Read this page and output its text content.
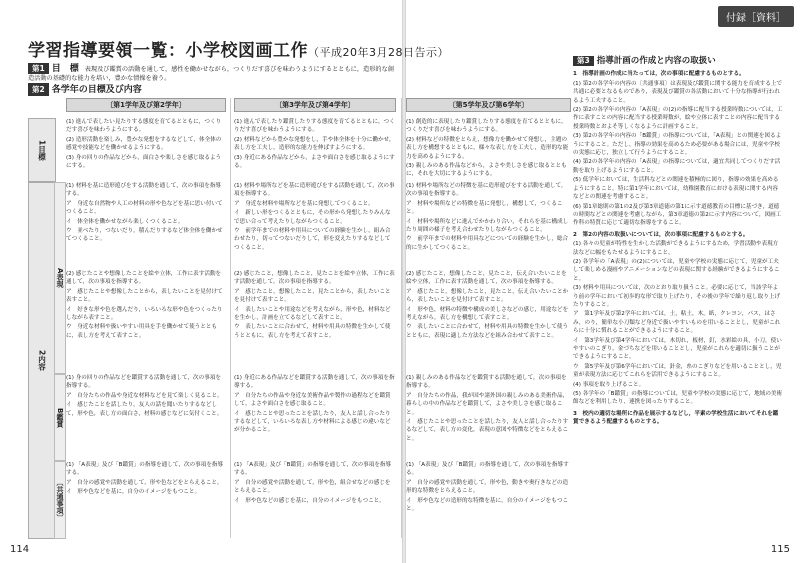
付録［資料］
学習指導要領一覧：小学校図画工作（平成20年3月28日告示）
第1 目　標 表現及び鑑賞の活動を通して，感性を働かせながら，つくりだす喜びを味わうようにするとともに，造形的な創造活動の基礎的な能力を培い，豊かな情操を養う。
第2 各学年の目標及び内容
1目標
2内容
A表現
B鑑賞
〔共通事項〕
〔第1学年及び第2学年〕

(1) 進んで表したい見たりする態度を育てるとともに，つくりだす喜びを味わうようにする。

(2) 造形活動を楽しみ，豊かな発想をするなどして，体全体の感覚や技能などを働かせるようにする。

(3) 身の回りの作品などから，面白さや楽しさを感じ取るようにする。

(1) 材料を基に造形遊びをする活動を通して，次の事項を指導する。

ア　身近な自然物や人工の材料の形や色などを基に思い付いてつくること。

イ　体全体を働かせながら楽しくつくること。

ウ　並べたり，つないだり，積んだりするなど体全体を働かせてつくること。

(2) 感じたことや想像したことを絵や立体，工作に表す活動を通して，次の事項を指導する。

ア　感じたことや想像したことから，表したいことを見付けて表すこと。

イ　好きな形や色を選んだり，いろいろな形や色をつくったりしながら表すこと。

ウ　身近な材料や扱いやすい用具を手を働かせて使うとともに，表し方を考えて表すこと。

(1) 身の回りの作品などを鑑賞する活動を通して，次の事項を指導する。

ア　自分たちの作品や身近な材料などを見て楽しく見ること。

イ　感じたことを話したり，友人の話を聞いたりするなどして，形や色，表し方の面白さ，材料の感じなどに気付くこと。

(1) 「A表現」及び「B鑑賞」の指導を通して，次の事項を指導する。

ア　自分の感覚や活動を通して，形や色などをとらえること。

イ　形や色などを基に，自分のイメージをもつこと。

〔第3学年及び第4学年〕

(1) 進んで表したり鑑賞したりする態度を育てるとともに，つくりだす喜びを味わうようにする。

(2) 材料などから豊かな発想をし，手や体全体を十分に働かせ，表し方を工夫し，造形的な能力を伸ばすようにする。

(3) 身近にある作品などから，よさや面白さを感じ取るようにする。

(1) 材料や場所などを基に造形遊びをする活動を通して，次の事項を指導する。

ア　身近な材料や場所などを基に発想してつくること。

イ　新しい形をつくるとともに，その形から発想したりみんなで思い合って考えたりしながらつくること。

ウ　前学年までの材料や用具についての経験を生かし，組み合わせたり，切ってつないだりして，形を変えたりするなどしてつくること。

(2) 感じたこと，想像したこと，見たことを絵や立体，工作に表す活動を通して，次の事項を指導する。

ア　感じたこと，想像したこと，見たことから，表したいことを見付けて表すこと。

イ　表したいことや用途などを考えながら，形や色，材料などを生かし，計画を立てるなどして表すこと。

ウ　表したいことに合わせて，材料や用具の特徴を生かして使うとともに，表し方を考えて表すこと。

(1) 身近にある作品などを鑑賞する活動を通して，次の事項を指導する。

ア　自分たちの作品や身近な美術作品や製作の過程などを鑑賞して，よさや面白さを感じ取ること。

イ　感じたことや思ったことを話したり，友人と話し合ったりするなどして，いろいろな表し方や材料による感じの違いなどが分かること。

(1) 「A表現」及び「B鑑賞」の指導を通して，次の事項を指導する。

ア　自分の感覚や活動を通して，形や色，組合せなどの感じをとらえること。

イ　形や色などの感じを基に，自分のイメージをもつこと。

〔第5学年及び第6学年〕

(1) 創造的に表現したり鑑賞したりする態度を育てるとともに，つくりだす喜びを味わうようにする。

(2) 材料などの特徴をとらえ，想像力を働かせて発想し，主題の表し方を構想するとともに，様々な表し方を工夫し，造形的な能力を高めるようにする。

(3) 親しみのある作品などから，よさや美しさを感じ取るとともに，それを大切にするようにする。

(1) 材料や場所などの特徴を基に造形遊びをする活動を通して，次の事項を指導する。

ア　材料や場所などの特徴を基に発想し，構想して，つくること。

イ　材料や場所などに進んでかかわり合い，それらを基に構成したり周囲の様子を考え合わせたりしながらつくること。

ウ　前学年までの材料や用具などについての経験を生かし，総合的に生かしてつくること。

(2) 感じたこと，想像したこと，見たこと，伝え合いたいことを絵や立体，工作に表す活動を通して，次の事項を指導する。

ア　感じたこと，想像したこと，見たこと，伝え合いたいことから，表したいことを見付けて表すこと。

イ　形や色，材料の特徴や構成の美しさなどの感じ，用途などを考えながら，表し方を構想して表すこと。

ウ　表したいことに合わせて，材料や用具の特徴を生かして使うとともに，表現に適した方法などを組み合わせて表すこと。

(1) 親しみのある作品などを鑑賞する活動を通して，次の事項を指導する。

ア　自分たちの作品，我が国や諸外国の親しみのある美術作品，暮らしの中の作品などを鑑賞して，よさや美しさを感じ取ること。

イ　感じたことや思ったことを話したり，友人と話し合ったりするなどして，表し方の変化，表現の意図や特徴などをとらえること。

(1) 「A表現」及び「B鑑賞」の指導を通して，次の事項を指導する。

ア　自分の感覚や活動を通して，形や色，動きや奥行きなどの造形的な特徴をとらえること。

イ　形や色などの造形的な特徴を基に，自分のイメージをもつこと。

第3 指導計画の作成と内容の取扱い
1　指導計画の作成に当たっては，次の事項に配慮するものとする。

(1) 第2の各学年の内容の〔共通事項〕は表現及び鑑賞に関する能力を育成する上で共通に必要となるものであり，表現及び鑑賞の各活動において十分な指導が行われるよう工夫すること。

(2) 第2の各学年の内容の「A表現」の(2)の指導に配当する授業時数については，工作に表すことの内容に配当する授業時数が，絵や立体に表すことの内容に配当する授業時数とおよそ等しくなるように計画すること。

(3) 第2の各学年の内容の「B鑑賞」の指導については，「A表現」との関連を図るようにすること。ただし，指導の効果を高めるため必要がある場合には，児童や学校の実態に応じ，独立して行うようにすること。

(4) 第2の各学年の内容の「A表現」の指導については，適宜共同してつくりだす活動を取り上げるようにすること。

(5) 低学年においては，生活科などとの関連を積極的に図り，指導の効果を高めるようにすること。特に第1学年においては，幼稚園教育における表現に関する内容などとの関連を考慮すること。

(6) 第1章総則の第1の2及び第3章道徳の第1に示す道徳教育の目標に基づき，道徳の時間などとの関連を考慮しながら，第3章道徳の第2に示す内容について，図画工作科の特質に応じて適切な指導をすること。

2　第2の内容の取扱いについては，次の事項に配慮するものとする。

(1) 各々の児童が特性を生かした活動ができるようにするため，学習活動や表現方法などに幅をもたせるようにすること。

(2) 各学年の「A表現」の(2)については，児童や学校の実態に応じて，児童が工夫して楽しめる漫画やアニメーションなどの表現に関する経験ができるようにすること。

(3) 材料や用具については，次のとおり取り扱うこと。必要に応じて，当該学年より前の学年において初歩的な形で取り上げたり，その後の学年で繰り返し取り上げたりすること。

ア　第1学年及び第2学年においては，土，粘土，木，紙，クレヨン，パス，はさみ，のり，簡単な小刀類など身近で扱いやすいものを用いることとし，児童がこれらに十分に慣れることができるようにすること。

イ　第3学年及び第4学年においては，木切れ，板材，釘，水彩絵の具，小刀，使いやすいのこぎり，金づちなどを用いることとし，児童がこれらを適切に扱うことができるようにすること。

ウ　第5学年及び第6学年においては，針金，糸のこぎりなどを用いることとし，児童が表現方法に応じてこれらを活用できるようにすること。

(4) 事項を取り上げること。

(5) 各学年の「B鑑賞」の指導については，児童や学校の実態に応じて，地域の美術館などを利用したり，連携を図ったりすること。

3　校内の適切な場所に作品を展示するなどし，平素の学校生活においてそれを鑑賞できるよう配慮するものとする。
114	115
